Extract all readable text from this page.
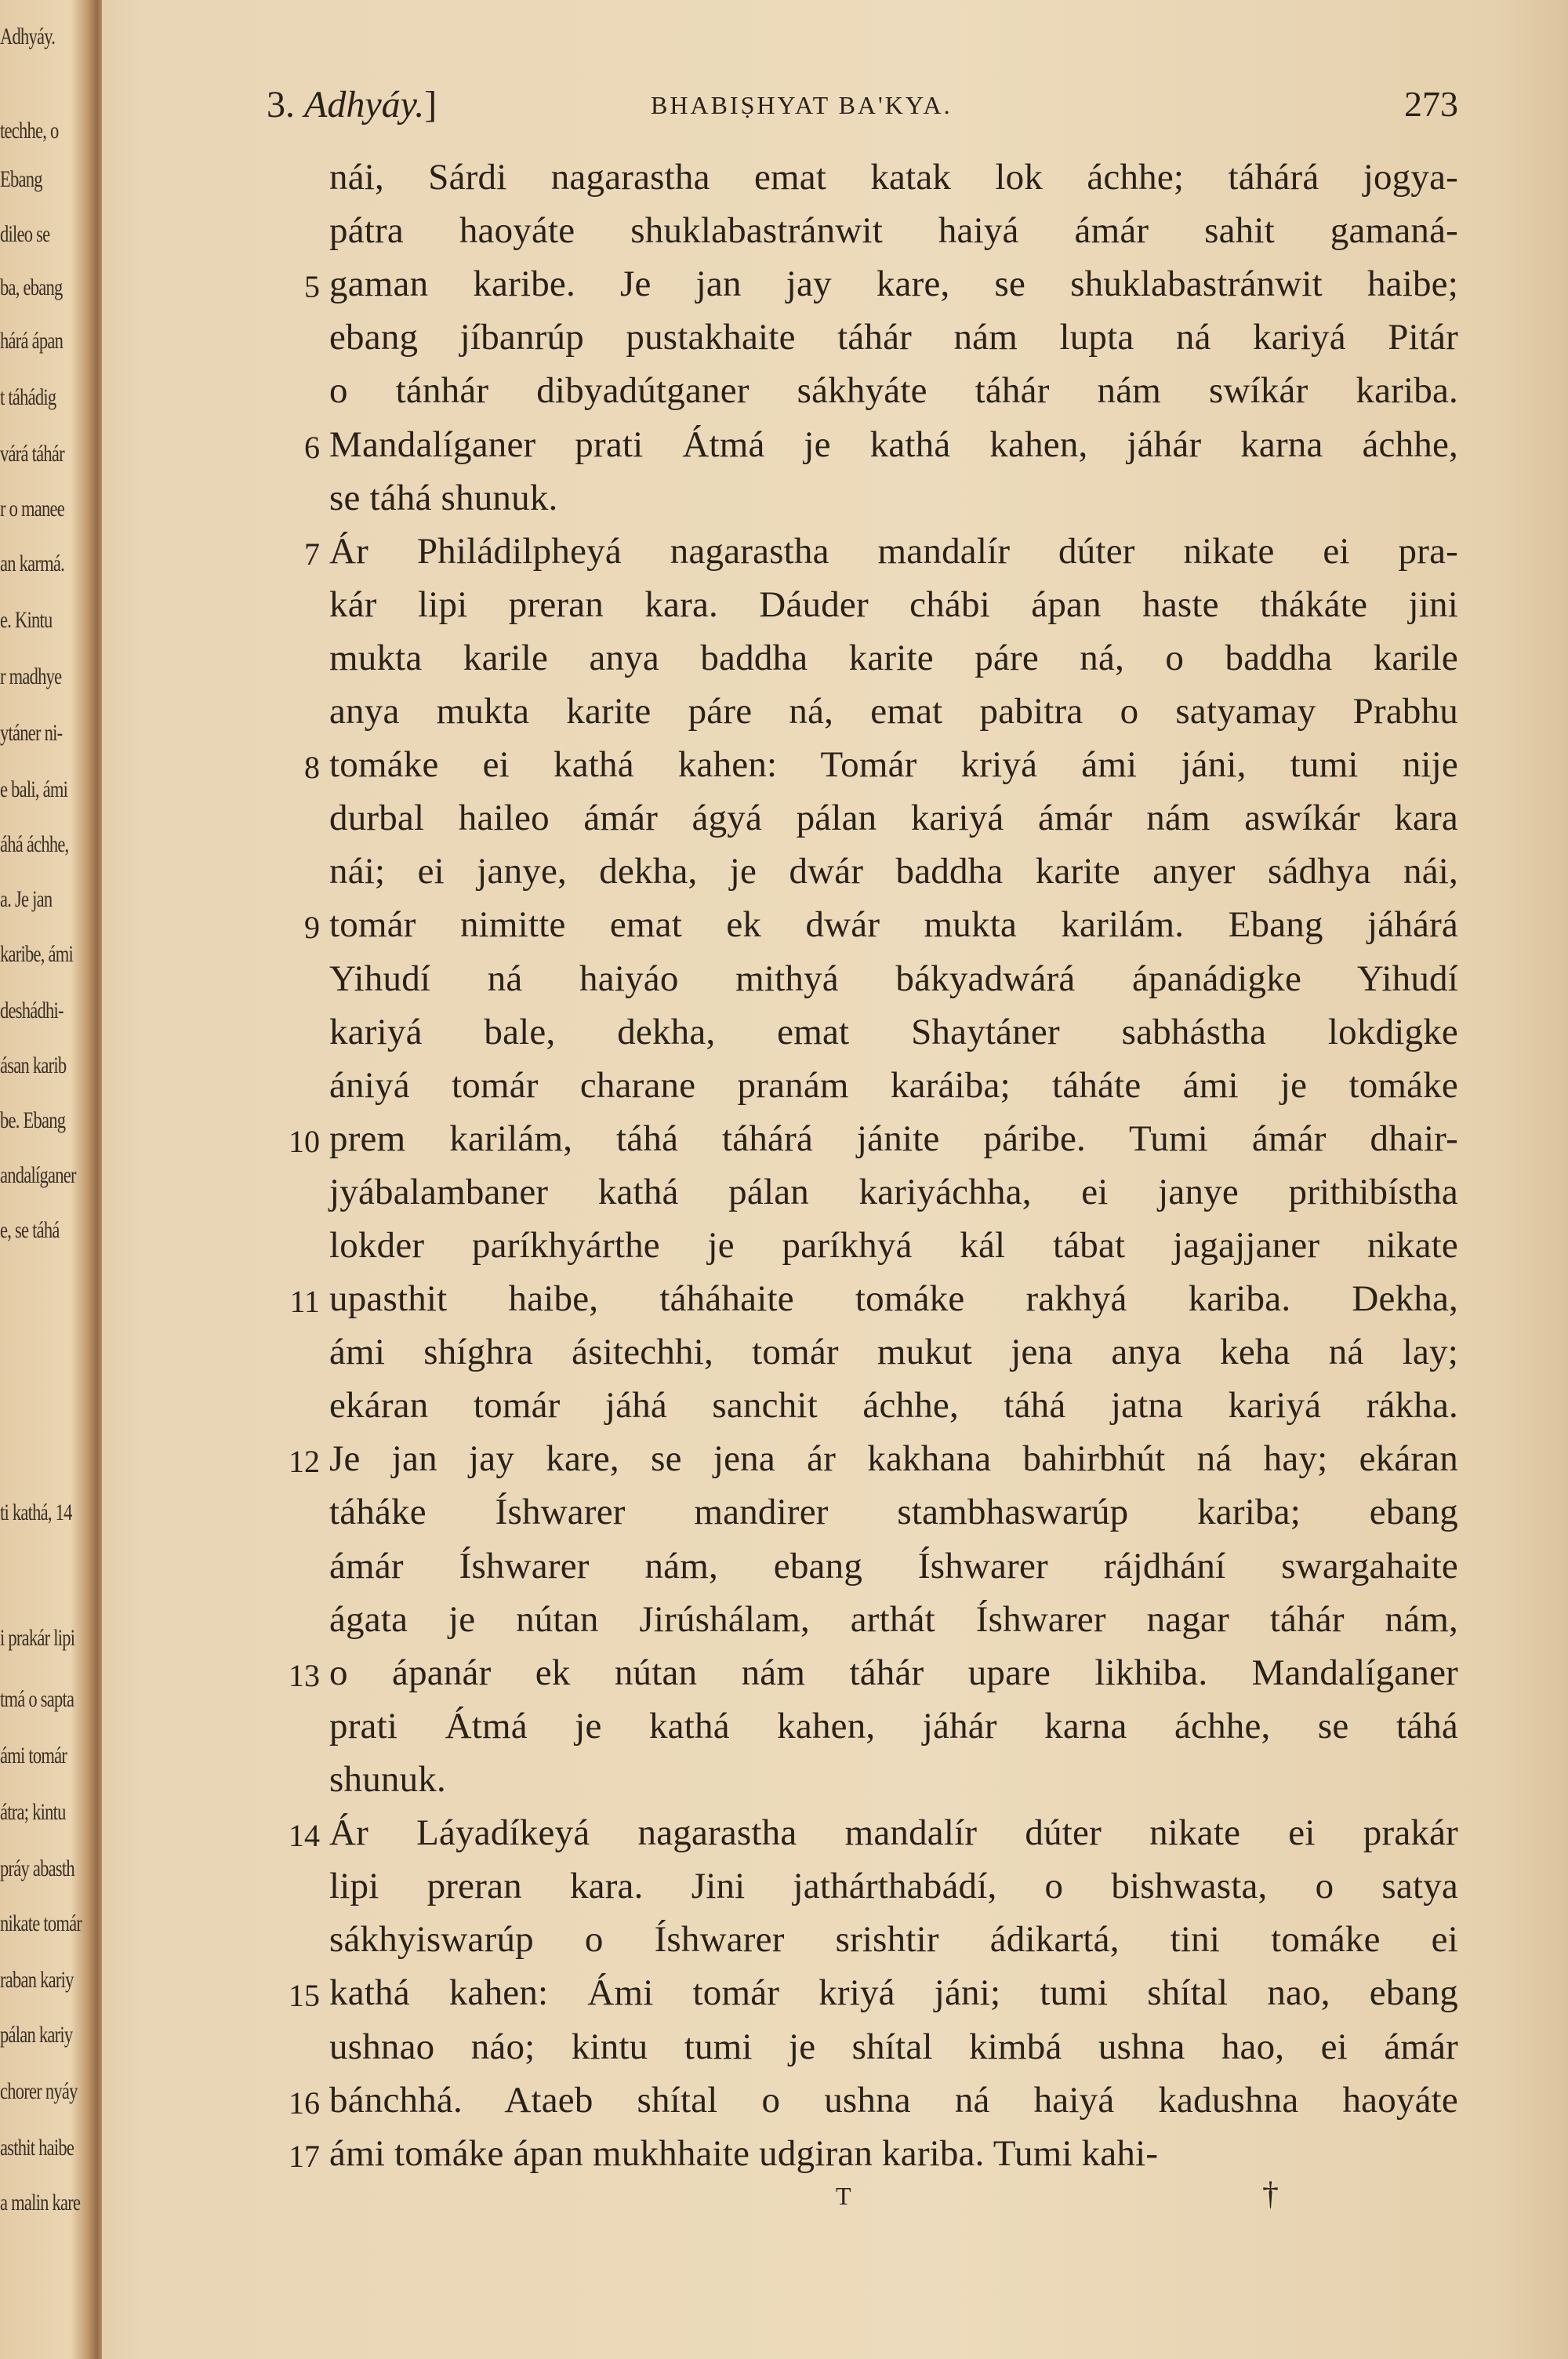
Adhyáy.
techhe, o
Ebang
dileo se
ba, ebang
hárá ápan
t táhádig
várá táhár
r o manee
an karmá.
e. Kintu
r madhye
ytáner ni-
e bali, ámi
áhá áchhe,
a. Je jan
karibe, ámi
deshádhi-
ásan karib
be. Ebang
andalíganer
e, se táhá
ti kathá, 14
i prakár lipi
tmá o sapta
ámi tomár
átra; kintu
práy abasth
nikate tomár
raban kariy
pálan kariy
chorer nyáy
asthit haibe
a malin kare
3. Adhyáy.]	BHABIṢHYAT BA'KYA.	273
nái, Sárdi nagarastha emat katak lok áchhe; táhárá jogya-
pátra haoyáte shuklabastránwit haiyá ámár sahit gamaná-
gaman karibe. Je jan jay kare, se shuklabastránwit haibe;
5
ebang jíbanrúp pustakhaite táhár nám lupta ná kariyá Pitár
o tánhár dibyadútganer sákhyáte táhár nám swíkár kariba.
Mandalíganer prati Átmá je kathá kahen, jáhár karna áchhe,
6
se táhá shunuk.
Ár Philádilpheyá nagarastha mandalír dúter nikate ei pra-
7
kár lipi preran kara. Dáuder chábi ápan haste thákáte jini
mukta karile anya baddha karite páre ná, o baddha karile
anya mukta karite páre ná, emat pabitra o satyamay Prabhu
tomáke ei kathá kahen: Tomár kriyá ámi jáni, tumi nije
8
durbal haileo ámár ágyá pálan kariyá ámár nám aswíkár kara
nái; ei janye, dekha, je dwár baddha karite anyer sádhya nái,
tomár nimitte emat ek dwár mukta karilám. Ebang jáhárá
9
Yihudí ná haiyáo mithyá bákyadwárá ápanádigke Yihudí
kariyá bale, dekha, emat Shaytáner sabhástha lokdigke
ániyá tomár charane pranám karáiba; táháte ámi je tomáke
prem karilám, táhá táhárá jánite páribe. Tumi ámár dhair-
10
jyábalambaner kathá pálan kariyáchha, ei janye prithibístha
lokder paríkhyárthe je paríkhyá kál tábat jagajjaner nikate
upasthit haibe, táháhaite tomáke rakhyá kariba. Dekha,
11
ámi shíghra ásitechhi, tomár mukut jena anya keha ná lay;
ekáran tomár jáhá sanchit áchhe, táhá jatna kariyá rákha.
Je jan jay kare, se jena ár kakhana bahirbhút ná hay; ekáran
12
táháke Íshwarer mandirer stambhaswarúp kariba; ebang
ámár Íshwarer nám, ebang Íshwarer rájdhání swargahaite
ágata je nútan Jirúshálam, arthát Íshwarer nagar táhár nám,
o ápanár ek nútan nám táhár upare likhiba. Mandalíganer
13
prati Átmá je kathá kahen, jáhár karna áchhe, se táhá
shunuk.
Ár Láyadíkeyá nagarastha mandalír dúter nikate ei prakár
14
lipi preran kara. Jini jathárthabádí, o bishwasta, o satya
sákhyiswarúp o Íshwarer srishtir ádikartá, tini tomáke ei
kathá kahen: Ámi tomár kriyá jáni; tumi shítal nao, ebang
15
ushnao náo; kintu tumi je shítal kimbá ushna hao, ei ámár
bánchhá. Ataeb shítal o ushna ná haiyá kadushna haoyáte
16
ámi tomáke ápan mukhhaite udgiran kariba. Tumi kahi-
17
T	†
